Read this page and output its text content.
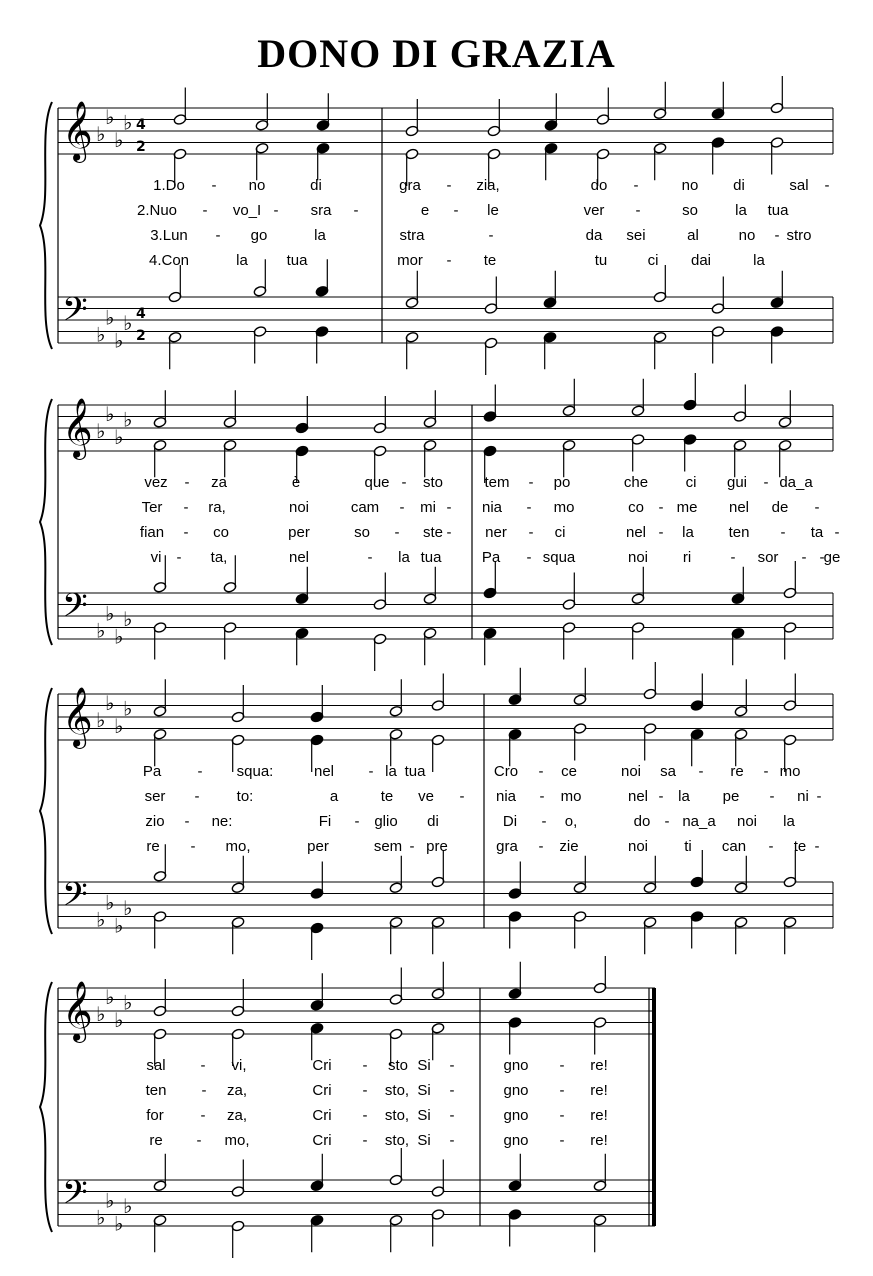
DONO DI GRAZIA
𝄞
𝄢
♭
♭
♭
♭
♭
♭
♭
♭
4
2
4
2
1.Do - no	di	gra - zia,	do -	no di	sal -
2.Nuo - vo_I - sra -	e - le	ver -	so la tua
3.Lun - go	la	stra	-	da sei	al	no - stro
4.Con	la	tua	mor - te	tu	ci dai	la
𝄞
𝄢
♭
♭
♭
♭
♭
♭
♭
♭
vez - za	è	que - sto	tem - po	che ci gui - da_a
Ter - ra,	noi	cam - mi - nia - mo	co - me nel de -
fian - co	per	so - ste - ner - ci	nel - la ten - ta -
vi - ta,	nel	- la tua	Pa - squa	noi ri	- sor - ge
-
𝄞
𝄢
♭
♭
♭
♭
♭
♭
♭
♭
Pa - squa:	nel - la tua	Cro - ce	noi sa - re - mo
ser - to:	a	te ve - nia - mo	nel - la pe - ni -
zio - ne:	Fi - glio di	Di - o,	do - na_a noi la
re - mo,	per	sem - pre	gra - zie	noi ti can - te -
𝄞
𝄢
♭
♭
♭
♭
♭
♭
♭
♭
sal - vi,	Cri - sto Si -	gno - re!
ten - za,	Cri - sto, Si -	gno - re!
for - za,	Cri - sto, Si -	gno - re!
re - mo,	Cri - sto, Si -	gno - re!
